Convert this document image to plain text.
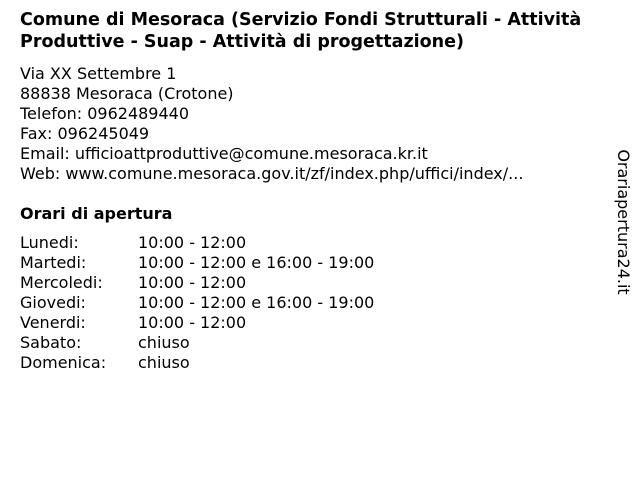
Comune di Mesoraca (Servizio Fondi Strutturali - Attività Produttive - Suap - Attività di progettazione)
Via XX Settembre 1
88838 Mesoraca (Crotone)
Telefon: 0962489440
Fax: 096245049
Email: ufficioattproduttive@comune.mesoraca.kr.it
Web: www.comune.mesoraca.gov.it/zf/index.php/uffici/index/...
Orari di apertura
Lunedi:	10:00 - 12:00
Martedi:	10:00 - 12:00 e 16:00 - 19:00
Mercoledi: 10:00 - 12:00
Giovedi:	10:00 - 12:00 e 16:00 - 19:00
Venerdi:	10:00 - 12:00
Sabato:	chiuso
Domenica: chiuso
Orariapertura24.it
